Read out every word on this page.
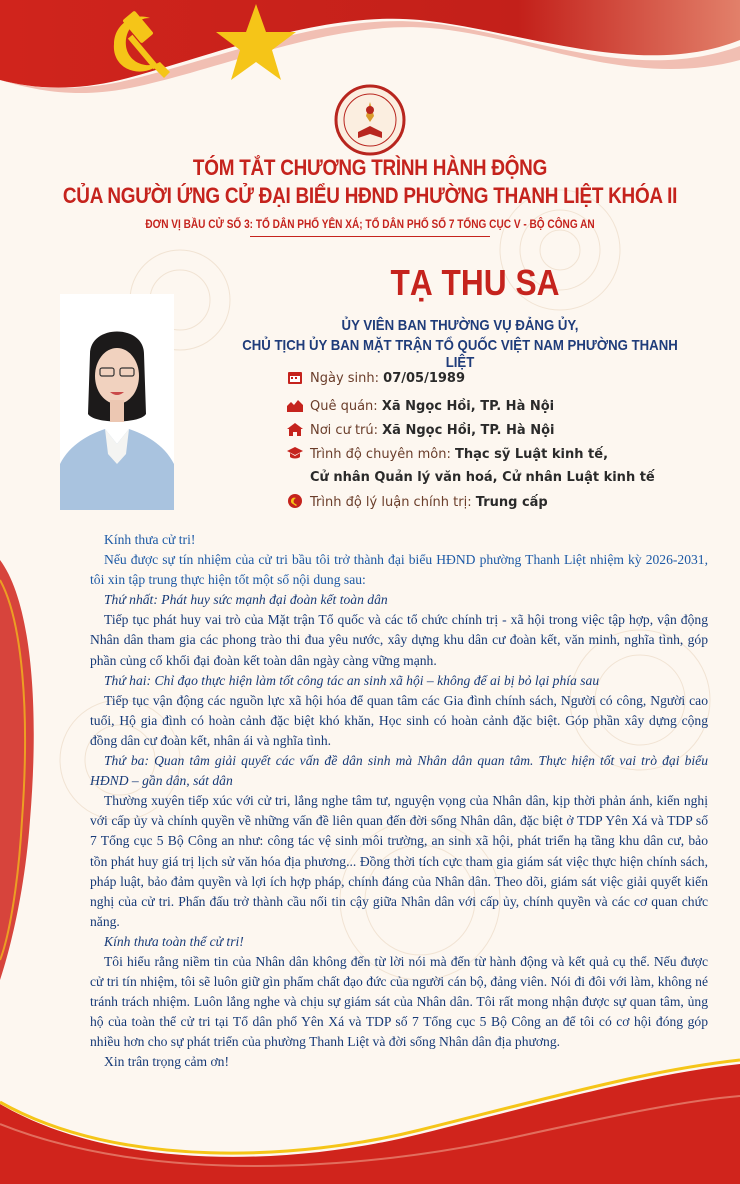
TÓM TẮT CHƯƠNG TRÌNH HÀNH ĐỘNG
CỦA NGƯỜI ỨNG CỬ ĐẠI BIỂU HĐND PHƯỜNG THANH LIỆT KHÓA II
ĐƠN VỊ BẦU CỬ SỐ 3: TỔ DÂN PHỐ YÊN XÁ; TỔ DÂN PHỐ SỐ 7 TỔNG CỤC V - BỘ CÔNG AN
TẠ THU SA
ỦY VIÊN BAN THƯỜNG VỤ ĐẢNG ỦY,
CHỦ TỊCH ỦY BAN MẶT TRẬN TỔ QUỐC VIỆT NAM PHƯỜNG THANH LIỆT
Ngày sinh: 07/05/1989
Quê quán: Xã Ngọc Hồi, TP. Hà Nội
Nơi cư trú: Xã Ngọc Hồi, TP. Hà Nội
Trình độ chuyên môn: Thạc sỹ Luật kinh tế,
Cử nhân Quản lý văn hoá, Cử nhân Luật kinh tế
Trình độ lý luận chính trị: Trung cấp

Kính thưa cử tri!

Nếu được sự tín nhiệm của cử tri bầu tôi trở thành đại biểu HĐND phường Thanh Liệt nhiệm kỳ 2026-2031, tôi xin tập trung thực hiện tốt một số nội dung sau:

Thứ nhất: Phát huy sức mạnh đại đoàn kết toàn dân

Tiếp tục phát huy vai trò của Mặt trận Tổ quốc và các tổ chức chính trị - xã hội trong việc tập hợp, vận động Nhân dân tham gia các phong trào thi đua yêu nước, xây dựng khu dân cư đoàn kết, văn minh, nghĩa tình, góp phần củng cố khối đại đoàn kết toàn dân ngày càng vững mạnh.

Thứ hai: Chỉ đạo thực hiện làm tốt công tác an sinh xã hội – không để ai bị bỏ lại phía sau

Tiếp tục vận động các nguồn lực xã hội hóa để quan tâm các Gia đình chính sách, Người có công, Người cao tuổi, Hộ gia đình có hoàn cảnh đặc biệt khó khăn, Học sinh có hoàn cảnh đặc biệt. Góp phần xây dựng cộng đồng dân cư đoàn kết, nhân ái và nghĩa tình.

Thứ ba: Quan tâm giải quyết các vấn đề dân sinh mà Nhân dân quan tâm. Thực hiện tốt vai trò đại biểu HĐND – gần dân, sát dân

Thường xuyên tiếp xúc với cử tri, lắng nghe tâm tư, nguyện vọng của Nhân dân, kịp thời phản ánh, kiến nghị với cấp ủy và chính quyền về những vấn đề liên quan đến đời sống Nhân dân, đặc biệt ở TDP Yên Xá và TDP số 7 Tổng cục 5 Bộ Công an như: công tác vệ sinh môi trường, an sinh xã hội, phát triển hạ tầng khu dân cư, bảo tồn phát huy giá trị lịch sử văn hóa địa phương... Đồng thời tích cực tham gia giám sát việc thực hiện chính sách, pháp luật, bảo đảm quyền và lợi ích hợp pháp, chính đáng của Nhân dân. Theo dõi, giám sát việc giải quyết kiến nghị của cử tri. Phấn đấu trở thành cầu nối tin cậy giữa Nhân dân với cấp ủy, chính quyền và các cơ quan chức năng.

Kính thưa toàn thể cử tri!

Tôi hiểu rằng niềm tin của Nhân dân không đến từ lời nói mà đến từ hành động và kết quả cụ thể. Nếu được cử tri tín nhiệm, tôi sẽ luôn giữ gìn phẩm chất đạo đức của người cán bộ, đảng viên. Nói đi đôi với làm, không né tránh trách nhiệm. Luôn lắng nghe và chịu sự giám sát của Nhân dân. Tôi rất mong nhận được sự quan tâm, ủng hộ của toàn thể cử tri tại Tổ dân phố Yên Xá và TDP số 7 Tổng cục 5 Bộ Công an để tôi có cơ hội đóng góp nhiều hơn cho sự phát triển của phường Thanh Liệt và đời sống Nhân dân địa phương.

Xin trân trọng cảm ơn!
